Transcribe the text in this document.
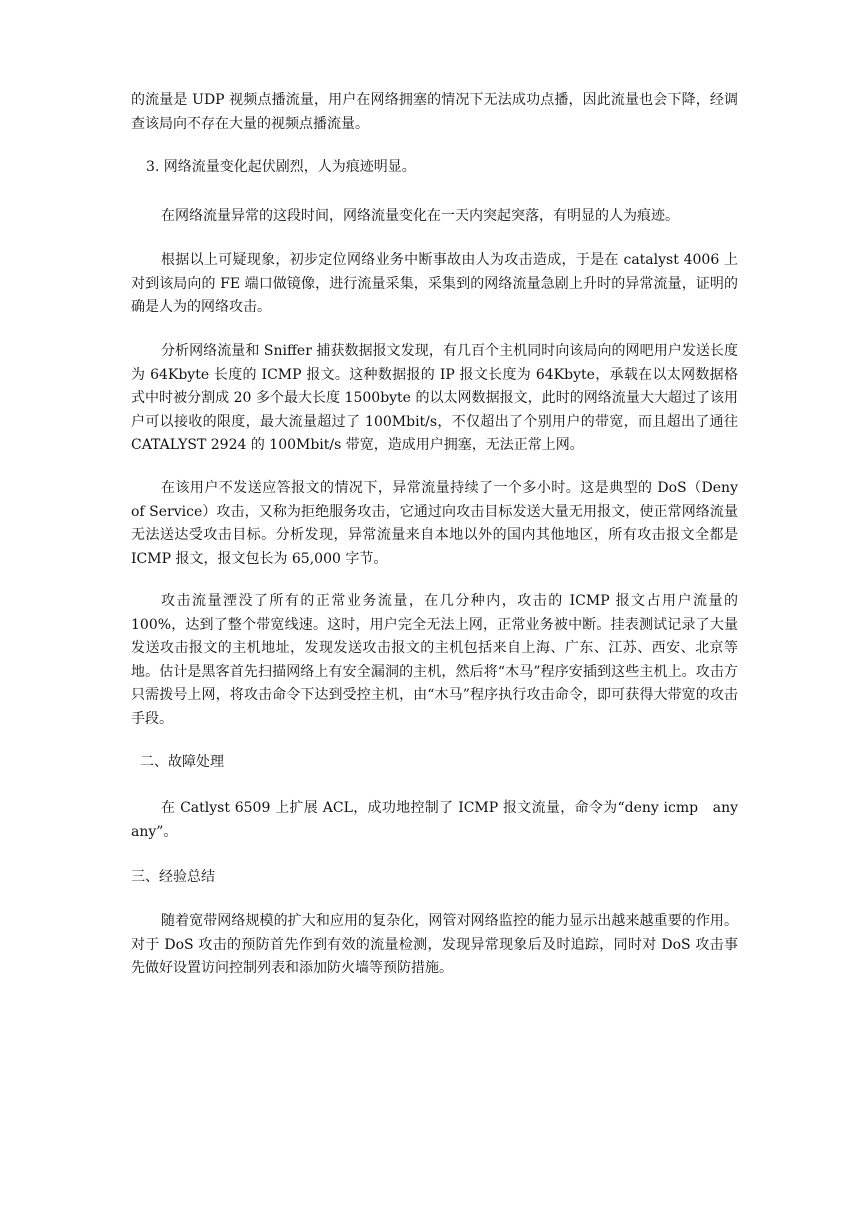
的流量是 UDP 视频点播流量，用户在网络拥塞的情况下无法成功点播，因此流量也会下降，经调查该局向不存在大量的视频点播流量。

3. 网络流量变化起伏剧烈，人为痕迹明显。

在网络流量异常的这段时间，网络流量变化在一天内突起突落，有明显的人为痕迹。

根据以上可疑现象，初步定位网络业务中断事故由人为攻击造成，于是在 catalyst 4006 上对到该局向的 FE 端口做镜像，进行流量采集，采集到的网络流量急剧上升时的异常流量，证明的确是人为的网络攻击。

分析网络流量和 Sniffer 捕获数据报文发现，有几百个主机同时向该局向的网吧用户发送长度为 64Kbyte 长度的 ICMP 报文。这种数据报的 IP 报文长度为 64Kbyte，承载在以太网数据格式中时被分割成 20 多个最大长度 1500byte 的以太网数据报文，此时的网络流量大大超过了该用户可以接收的限度，最大流量超过了 100Mbit/s，不仅超出了个别用户的带宽，而且超出了通往 CATALYST 2924 的 100Mbit/s 带宽，造成用户拥塞，无法正常上网。

在该用户不发送应答报文的情况下，异常流量持续了一个多小时。这是典型的 DoS（Deny of Service）攻击，又称为拒绝服务攻击，它通过向攻击目标发送大量无用报文，使正常网络流量无法送达受攻击目标。分析发现，异常流量来自本地以外的国内其他地区，所有攻击报文全都是 ICMP 报文，报文包长为 65,000 字节。

攻击流量湮没了所有的正常业务流量，在几分种内，攻击的 ICMP 报文占用户流量的 100%，达到了整个带宽线速。这时，用户完全无法上网，正常业务被中断。挂表测试记录了大量发送攻击报文的主机地址，发现发送攻击报文的主机包括来自上海、广东、江苏、西安、北京等地。估计是黑客首先扫描网络上有安全漏洞的主机，然后将“木马”程序安插到这些主机上。攻击方只需拨号上网，将攻击命令下达到受控主机，由“木马”程序执行攻击命令，即可获得大带宽的攻击手段。

二、故障处理

在 Catlyst 6509 上扩展 ACL，成功地控制了 ICMP 报文流量，命令为“deny icmp　any any”。

三、经验总结

随着宽带网络规模的扩大和应用的复杂化，网管对网络监控的能力显示出越来越重要的作用。对于 DoS 攻击的预防首先作到有效的流量检测，发现异常现象后及时追踪，同时对 DoS 攻击事先做好设置访问控制列表和添加防火墙等预防措施。
